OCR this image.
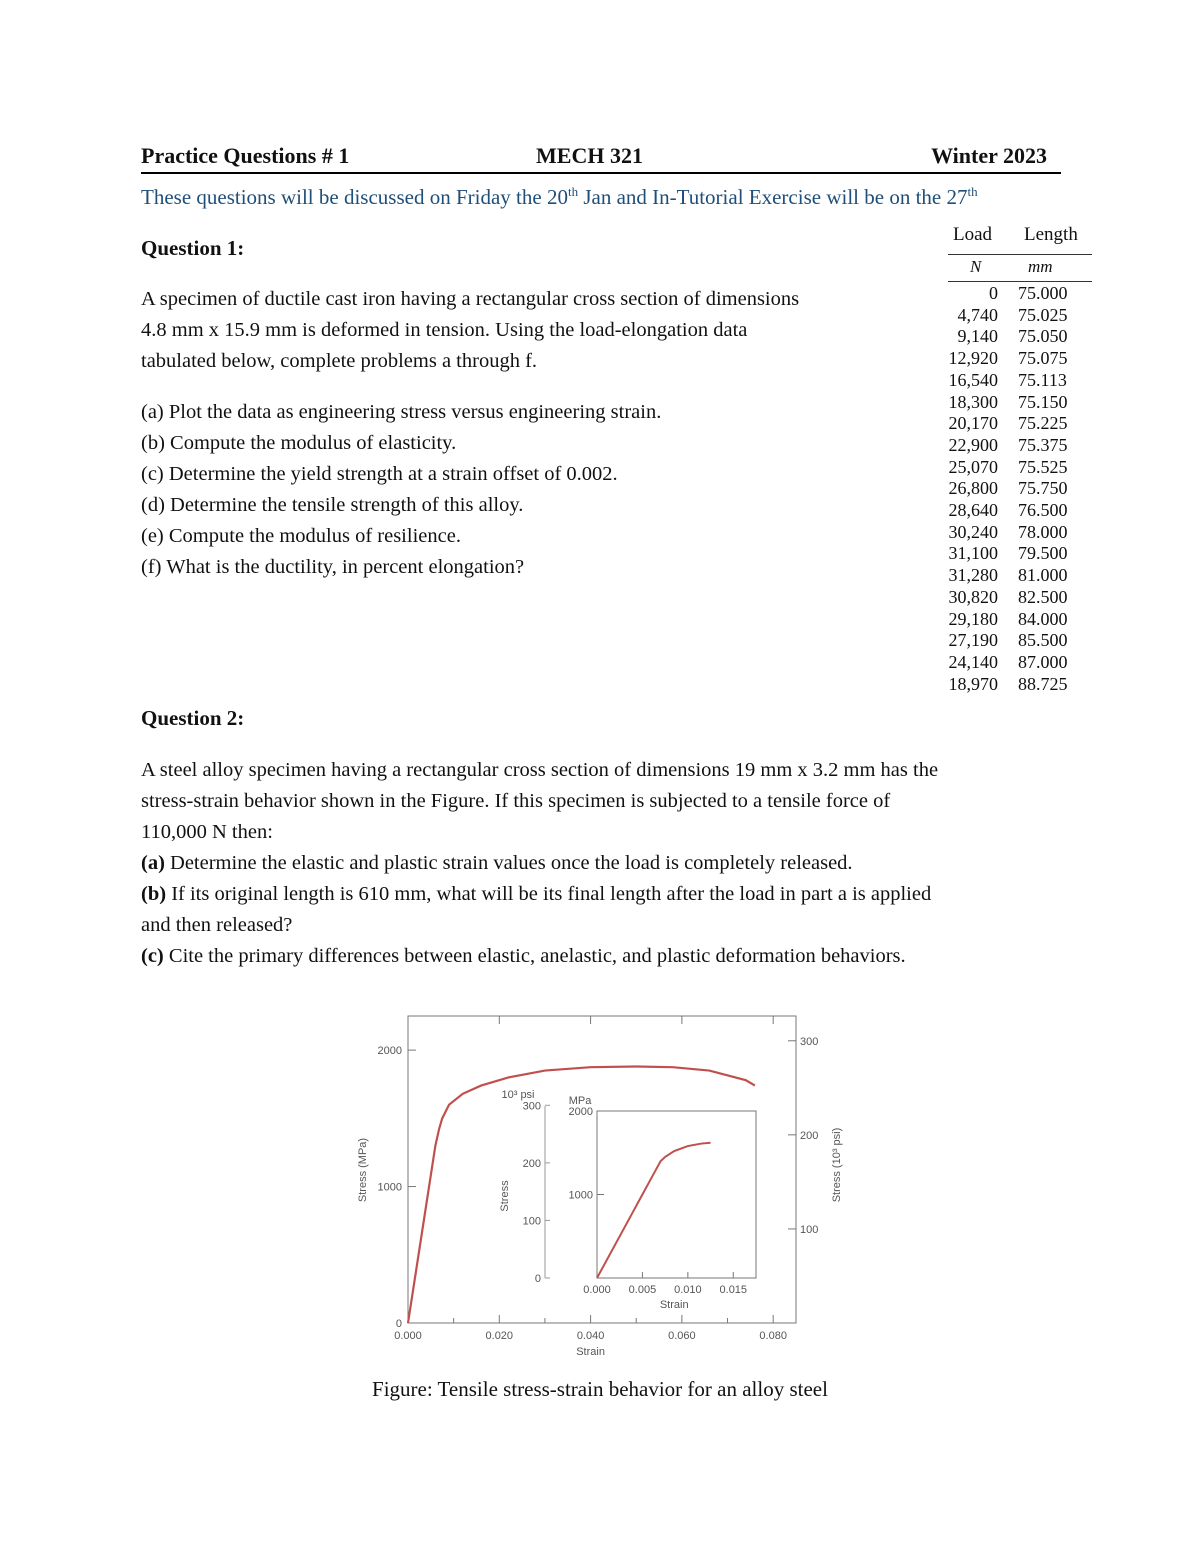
Practice Questions # 1	MECH 321	Winter 2023
These questions will be discussed on Friday the 20th Jan and In-Tutorial Exercise will be on the 27th
Question 1:

A specimen of ductile cast iron having a rectangular cross section of dimensions

4.8 mm x 15.9 mm is deformed in tension. Using the load-elongation data

tabulated below, complete problems a through f.

(a) Plot the data as engineering stress versus engineering strain.

(b) Compute the modulus of elasticity.

(c) Determine the yield strength at a strain offset of 0.002.

(d) Determine the tensile strength of this alloy.

(e) Compute the modulus of resilience.

(f) What is the ductility, in percent elongation?

Load Length
N	mm
0 75.000
4,740 75.025
9,140 75.050
12,920 75.075
16,540 75.113
18,300 75.150
20,170 75.225
22,900 75.375
25,070 75.525
26,800 75.750
28,640 76.500
30,240 78.000
31,100 79.500
31,280 81.000
30,820 82.500
29,180 84.000
27,190 85.500
24,140 87.000
18,970 88.725
Question 2:

A steel alloy specimen having a rectangular cross section of dimensions 19 mm x 3.2 mm has the

stress-strain behavior shown in the Figure. If this specimen is subjected to a tensile force of

110,000 N then:

(a) Determine the elastic and plastic strain values once the load is completely released.

(b) If its original length is 610 mm, what will be its final length after the load in part a is applied

and then released?

(c) Cite the primary differences between elastic, anelastic, and plastic deformation behaviors.

0.000	0.020	0.040	0.060	0.080
0
1000
2000
100
200
300
Strain
Stress (MPa)	Stress (10³ psi)
0.000 0.005 0.010 0.015
1000
2000
0
100
200
300
10³ psi	MPa
Stress
Strain
Figure: Tensile stress-strain behavior for an alloy steel
